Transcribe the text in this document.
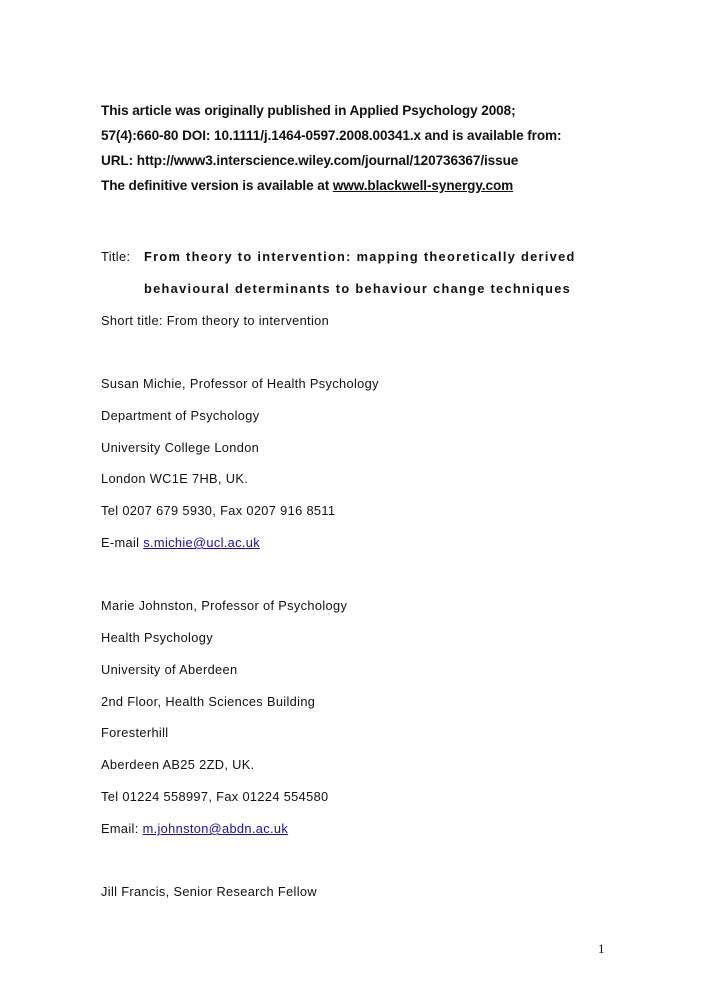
This article was originally published in Applied Psychology 2008;
57(4):660-80 DOI: 10.1111/j.1464-0597.2008.00341.x and is available from:
URL: http://www3.interscience.wiley.com/journal/120736367/issue
The definitive version is available at www.blackwell-synergy.com
Title: From theory to intervention: mapping theoretically derived
behavioural determinants to behaviour change techniques
Short title: From theory to intervention
Susan Michie, Professor of Health Psychology
Department of Psychology
University College London
London WC1E 7HB, UK.
Tel 0207 679 5930, Fax 0207 916 8511
E-mail s.michie@ucl.ac.uk
Marie Johnston, Professor of Psychology
Health Psychology
University of Aberdeen
2nd Floor, Health Sciences Building
Foresterhill
Aberdeen AB25 2ZD, UK.
Tel 01224 558997, Fax 01224 554580
Email: m.johnston@abdn.ac.uk
Jill Francis, Senior Research Fellow
1
